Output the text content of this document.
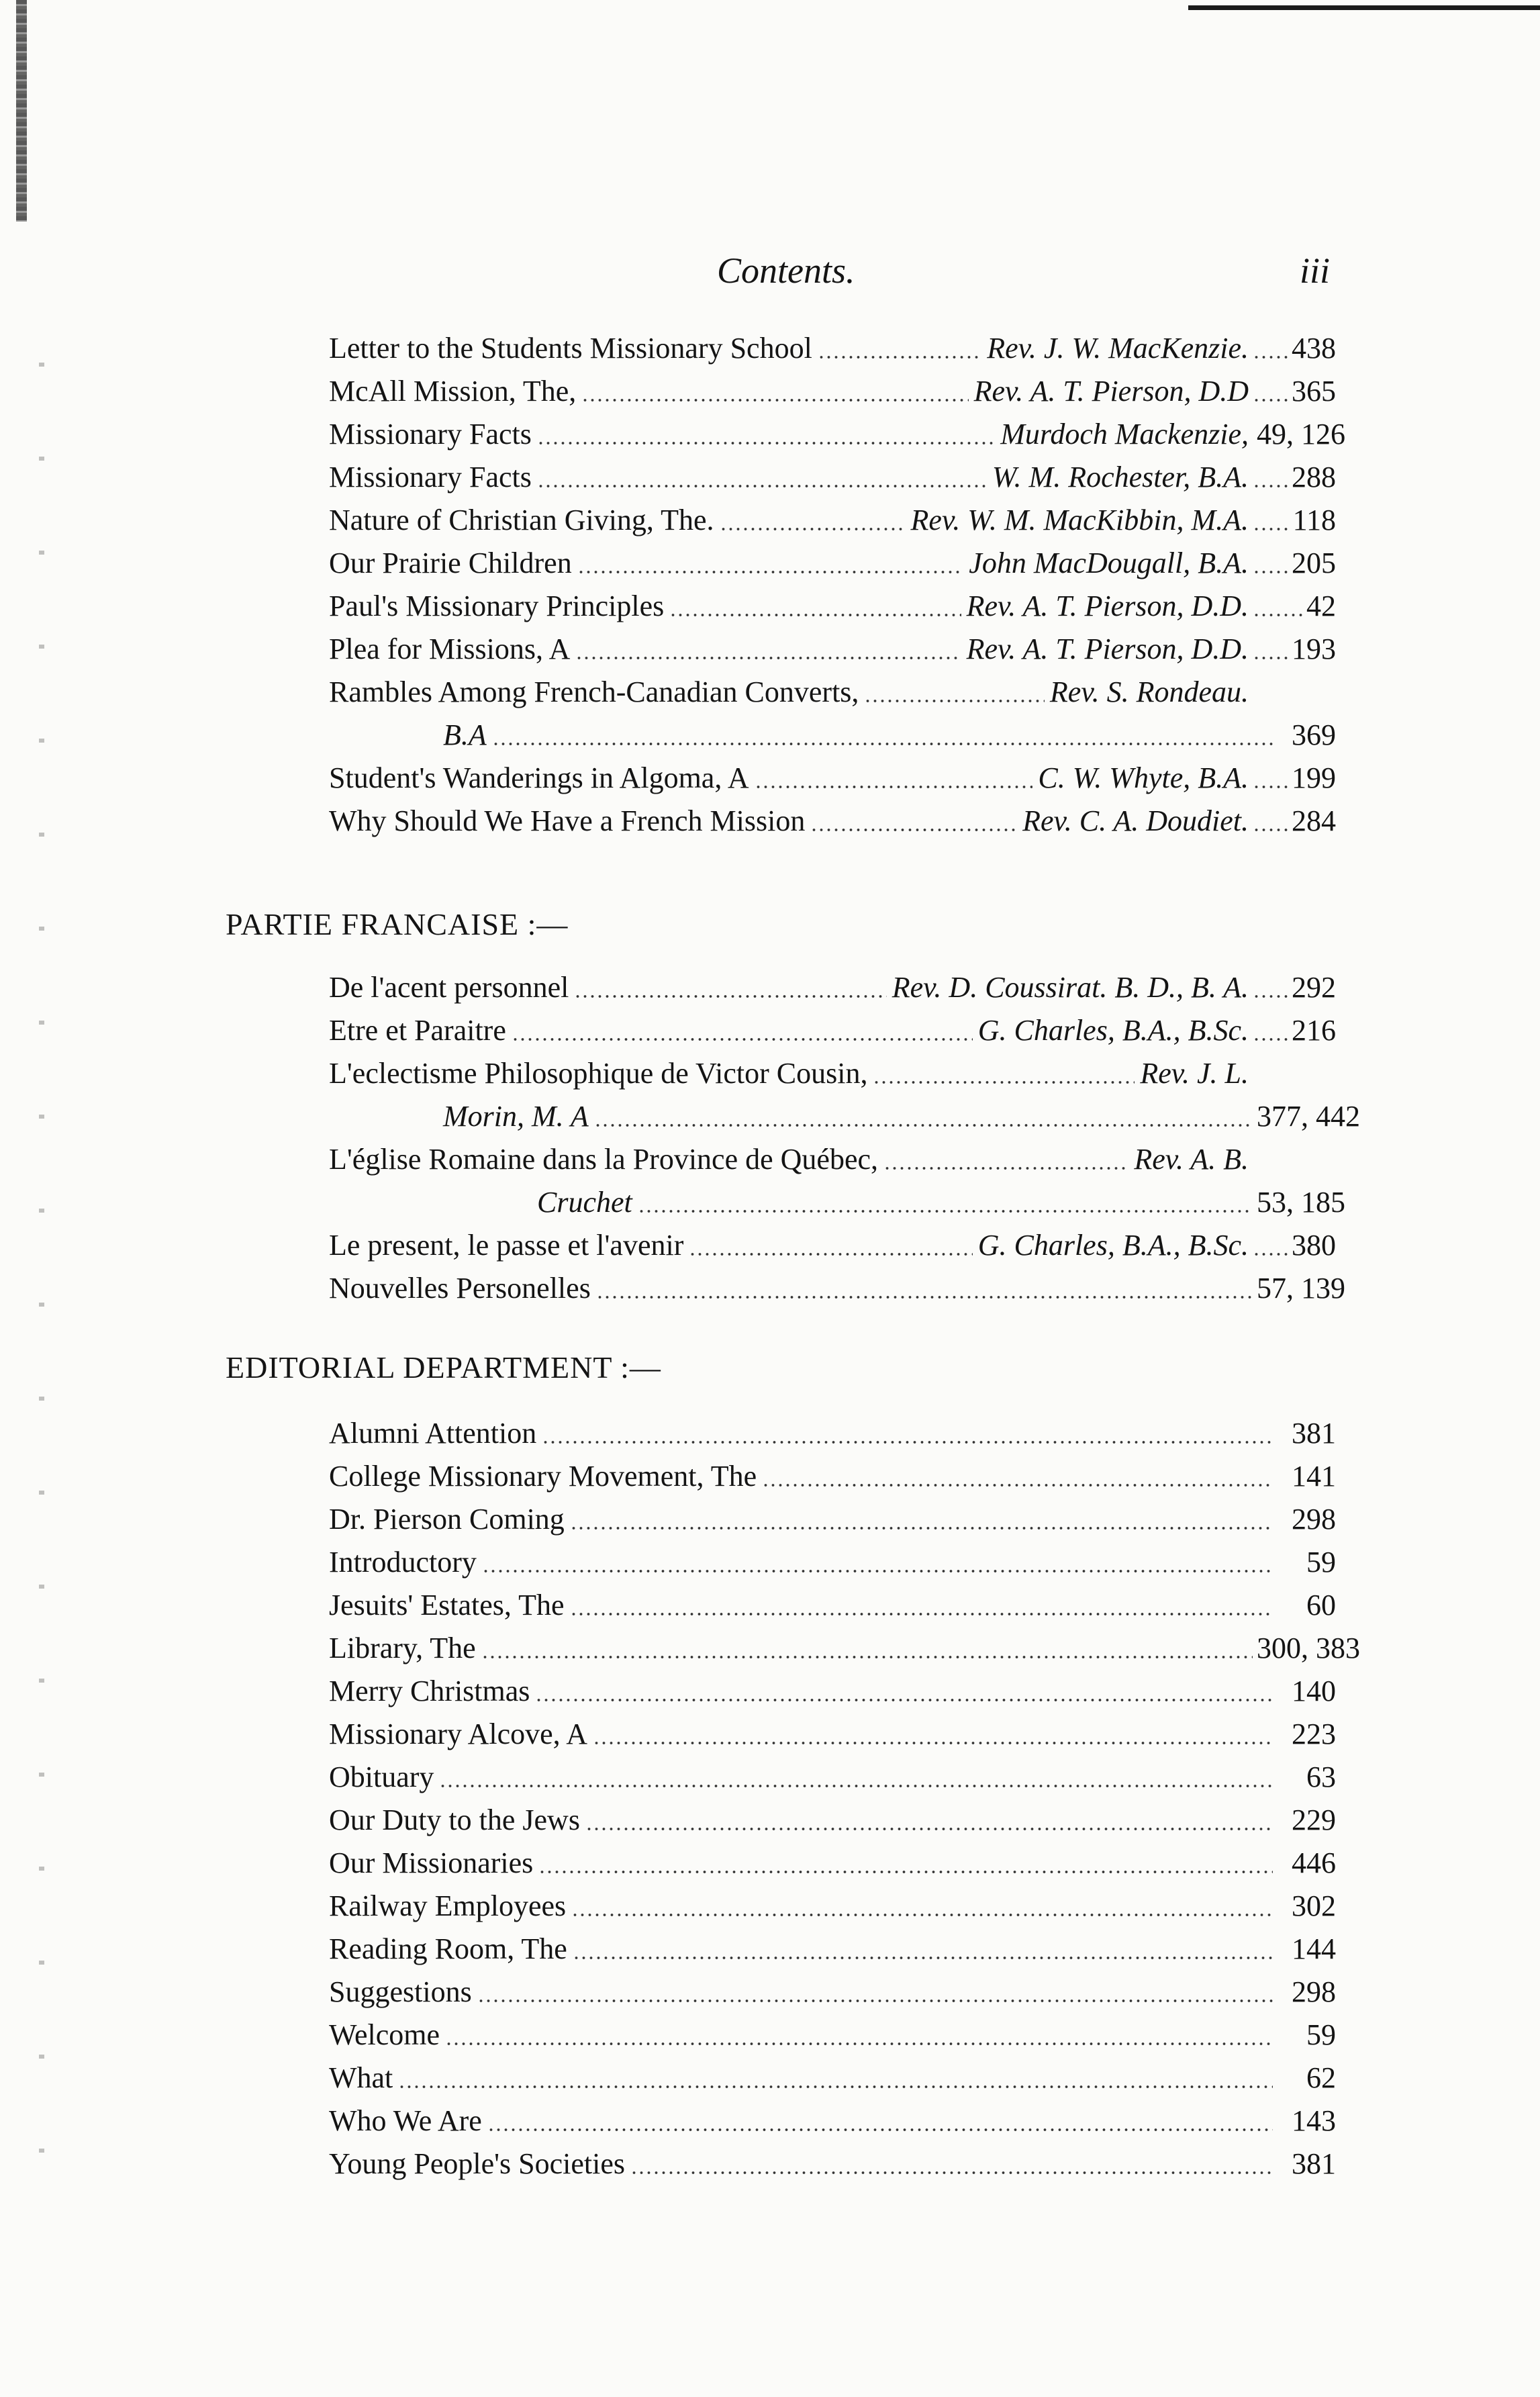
Contents.	iii
Letter to the Students Missionary School	Rev. J. W. MacKenzie.	438
McAll Mission, The,	Rev. A. T. Pierson, D.D	365
Missionary Facts	Murdoch Mackenzie, 49, 126
Missionary Facts	W. M. Rochester, B.A.	288
Nature of Christian Giving, The.	Rev. W. M. MacKibbin, M.A.	118
Our Prairie Children	John MacDougall, B.A.	205
Paul's Missionary Principles	Rev. A. T. Pierson, D.D.	42
Plea for Missions, A	Rev. A. T. Pierson, D.D.	193
Rambles Among French-Canadian Converts,	Rev. S. Rondeau.
B.A	369
Student's Wanderings in Algoma, A	C. W. Whyte, B.A.	199
Why Should We Have a French Mission	Rev. C. A. Doudiet.	284
PARTIE FRANCAISE :—
De l'acent personnel	Rev. D. Coussirat. B. D., B. A.	292
Etre et Paraitre	G. Charles, B.A., B.Sc.	216
L'eclectisme Philosophique de Victor Cousin,	Rev. J. L.
Morin, M. A	377, 442
L'église Romaine dans la Province de Québec,	Rev. A. B.
Cruchet	53, 185
Le present, le passe et l'avenir	G. Charles, B.A., B.Sc.	380
Nouvelles Personelles	57, 139
EDITORIAL DEPARTMENT :—
Alumni Attention	381
College Missionary Movement, The	141
Dr. Pierson Coming	298
Introductory	59
Jesuits' Estates, The	60
Library, The	300, 383
Merry Christmas	140
Missionary Alcove, A	223
Obituary	63
Our Duty to the Jews	229
Our Missionaries	446
Railway Employees	302
Reading Room, The	144
Suggestions	298
Welcome	59
What	62
Who We Are	143
Young People's Societies	381
